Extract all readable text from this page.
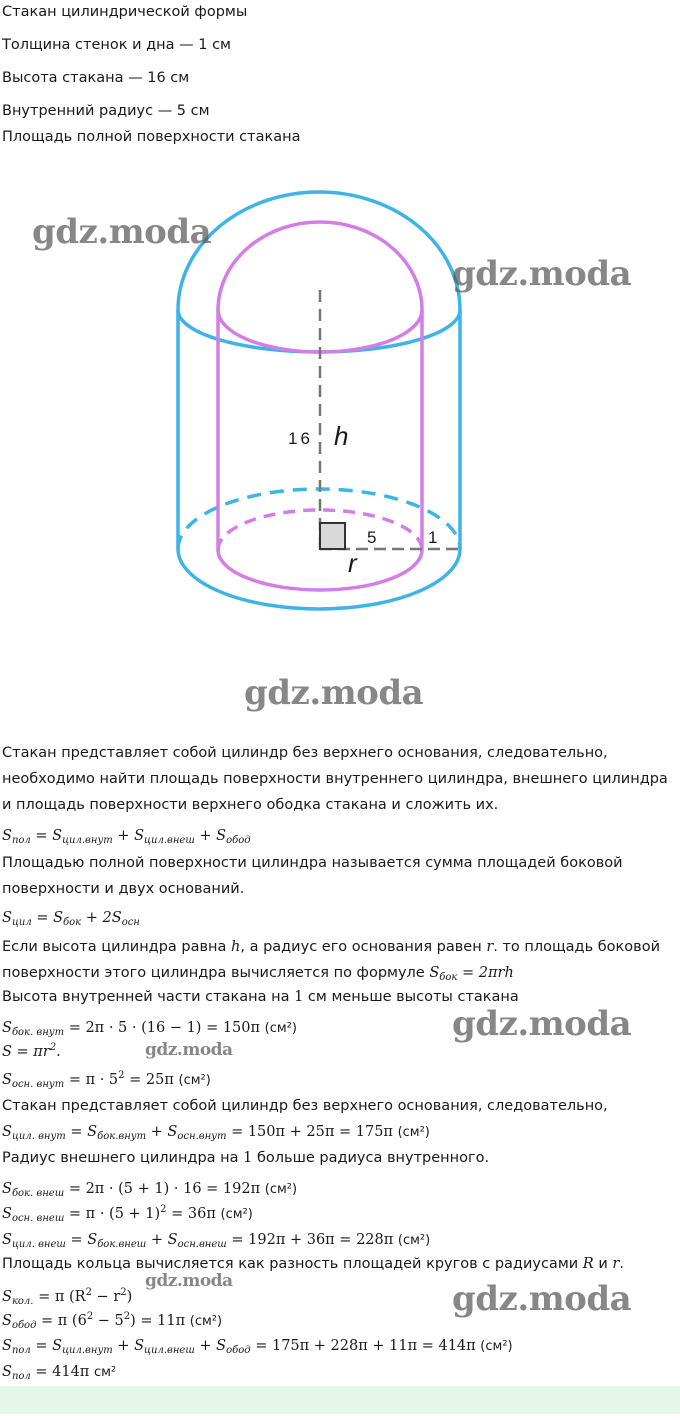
Стакан цилиндрической формы
Толщина стенок и дна — 1 см
Высота стакана — 16 см
Внутренний радиус — 5 см
Площадь полной поверхности стакана
16 h
5	1
r
gdz.moda
gdz.moda
gdz.moda
gdz.moda
gdz.moda
gdz.moda	gdz.moda
Стакан представляет собой цилиндр без верхнего основания, следовательно, необходимо найти площадь поверхности внутреннего цилиндра, внешнего цилиндра и площадь поверхности верхнего ободка стакана и сложить их.
$S_{пол} = S_{цил.внут} + S_{цил.внеш} + S_{обод}$
Площадью полной поверхности цилиндра называется сумма площадей боковой поверхности и двух оснований.
$S_{цил} = S_{бок} + 2S_{осн}$
Если высота цилиндра равна h, а радиус его основания равен r. то площадь боковой поверхности этого цилиндра вычисляется по формуле $S_{бок} = 2\pi rh$
Высота внутренней части стакана на 1 см меньше высоты стакана
$S_{бок. внут} = 2\pi \cdot 5 \cdot (16 - 1) = 150\pi$ (см²)
$S = \pi r^2$.
$S_{осн. внут} = \pi \cdot 5^2 = 25\pi$ (см²)
Стакан представляет собой цилиндр без верхнего основания, следовательно,
$S_{цил. внут} = S_{бок.внут} + S_{осн.внут} = 150\pi + 25\pi = 175\pi$ (см²)
Радиус внешнего цилиндра на 1 больше радиуса внутренного.
$S_{бок. внеш} = 2\pi \cdot (5 + 1) \cdot 16 = 192\pi$ (см²)
$S_{осн. внеш} = \pi \cdot (5 + 1)^2 = 36\pi$ (см²)
$S_{цил. внеш} = S_{бок.внеш} + S_{осн.внеш} = 192\pi + 36\pi = 228\pi$ (см²)
Площадь кольца вычисляется как разность площадей кругов с радиусами R и r.
$S_{кол.} = \pi$ $(R^2 - r^2)$
$S_{обод} = \pi$ $(6^2 - 5^2) = 11\pi$ (см²)
$S_{пол} = S_{цил.внут} + S_{цил.внеш} + S_{обод} = 175\pi + 228\pi + 11\pi = 414\pi$ (см²)
$S_{пол} = 414\pi$ см²
